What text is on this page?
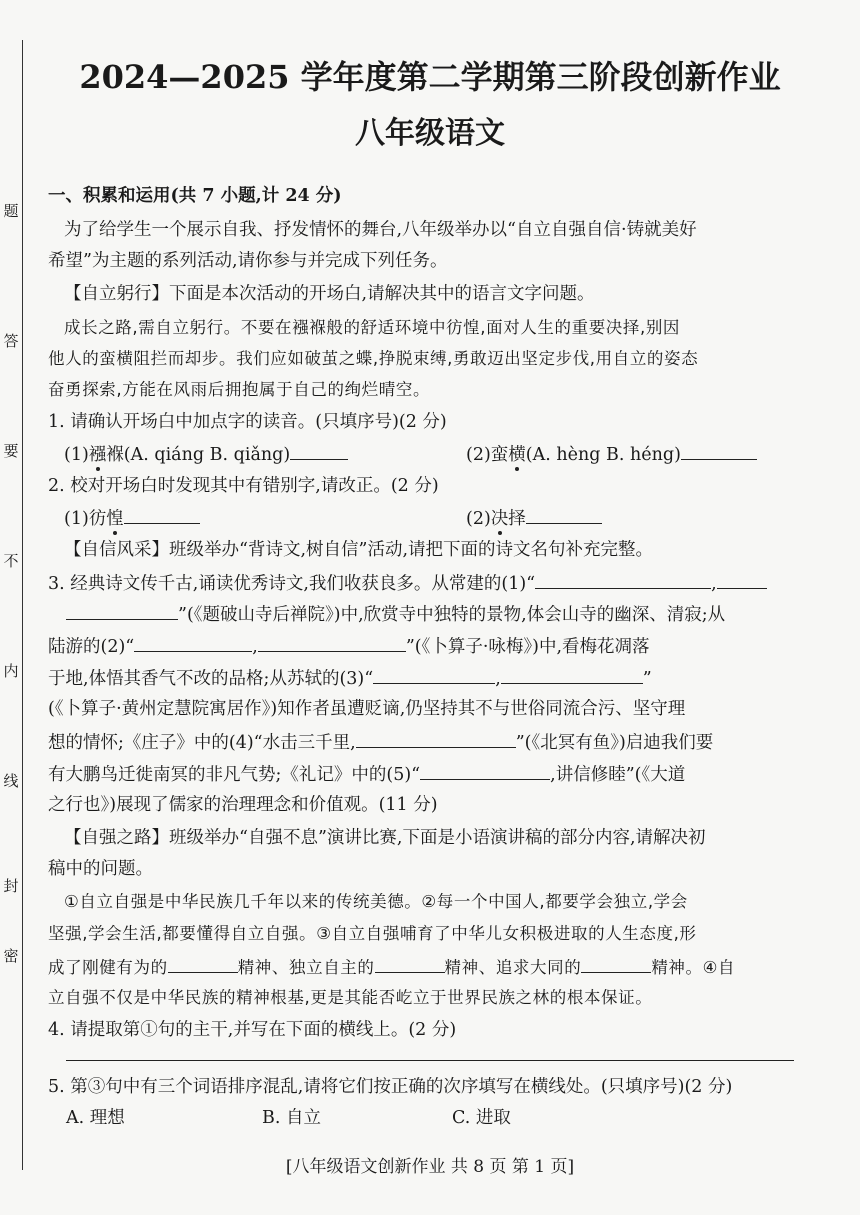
题
答
要
不
内
线
封
密
2024—2025 学年度第二学期第三阶段创新作业
八年级语文
一、积累和运用(共 7 小题,计 24 分)
为了给学生一个展示自我、抒发情怀的舞台,八年级举办以“自立自强自信·铸就美好
希望”为主题的系列活动,请你参与并完成下列任务。
【自立躬行】下面是本次活动的开场白,请解决其中的语言文字问题。
成长之路,需自立躬行。不要在襁褓般的舒适环境中彷惶,面对人生的重要决择,别因
他人的蛮横阻拦而却步。我们应如破茧之蝶,挣脱束缚,勇敢迈出坚定步伐,用自立的姿态
奋勇探索,方能在风雨后拥抱属于自己的绚烂晴空。
1. 请确认开场白中加点字的读音。(只填序号)(2 分)
(1)襁褓(A. qiáng B. qiǎng)	(2)蛮横(A. hèng B. héng)
2. 校对开场白时发现其中有错别字,请改正。(2 分)
(1)彷惶	(2)决择
【自信风采】班级举办“背诗文,树自信”活动,请把下面的诗文名句补充完整。
3. 经典诗文传千古,诵读优秀诗文,我们收获良多。从常建的(1)“	,
”(《题破山寺后禅院》)中,欣赏寺中独特的景物,体会山寺的幽深、清寂;从
陆游的(2)“	,	”(《卜算子·咏梅》)中,看梅花凋落
于地,体悟其香气不改的品格;从苏轼的(3)“	,	”
(《卜算子·黄州定慧院寓居作》)知作者虽遭贬谪,仍坚持其不与世俗同流合污、坚守理
想的情怀;《庄子》中的(4)“水击三千里,	”(《北冥有鱼》)启迪我们要
有大鹏鸟迁徙南冥的非凡气势;《礼记》中的(5)“	,讲信修睦”(《大道
之行也》)展现了儒家的治理理念和价值观。(11 分)
【自强之路】班级举办“自强不息”演讲比赛,下面是小语演讲稿的部分内容,请解决初
稿中的问题。
①自立自强是中华民族几千年以来的传统美德。②每一个中国人,都要学会独立,学会
坚强,学会生活,都要懂得自立自强。③自立自强哺育了中华儿女积极进取的人生态度,形
成了刚健有为的	精神、独立自主的	精神、追求大同的	精神。④自
立自强不仅是中华民族的精神根基,更是其能否屹立于世界民族之林的根本保证。
4. 请提取第①句的主干,并写在下面的横线上。(2 分)
5. 第③句中有三个词语排序混乱,请将它们按正确的次序填写在横线处。(只填序号)(2 分)
A. 理想	B. 自立	C. 进取
[八年级语文创新作业 共 8 页 第 1 页]
